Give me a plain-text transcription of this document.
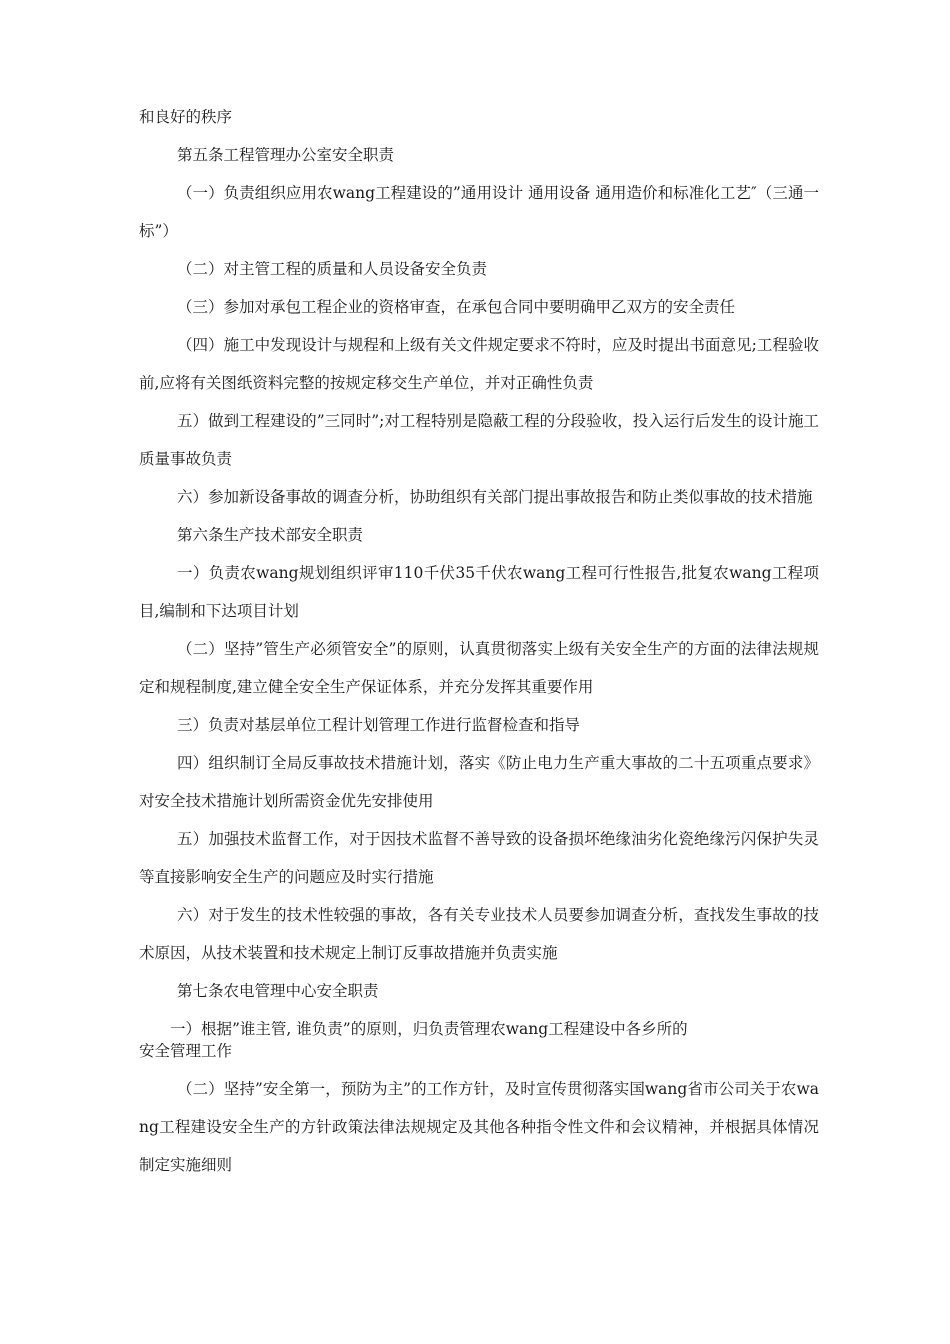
和良好的秩序

第五条工程管理办公室安全职责

（一）负责组织应用农wang工程建设的”通用设计 通用设备 通用造价和标准化工艺″（三通一标”）

（二）对主管工程的质量和人员设备安全负责

（三）参加对承包工程企业的资格审查，在承包合同中要明确甲乙双方的安全责任

（四）施工中发现设计与规程和上级有关文件规定要求不符时，应及时提出书面意见;工程验收前,应将有关图纸资料完整的按规定移交生产单位，并对正确性负责

五）做到工程建设的”三同时”;对工程特别是隐蔽工程的分段验收，投入运行后发生的设计施工质量事故负责

六）参加新设备事故的调查分析，协助组织有关部门提出事故报告和防止类似事故的技术措施

第六条生产技术部安全职责

一）负责农wang规划组织评审110千伏35千伏农wang工程可行性报告,批复农wang工程项目,编制和下达项目计划

（二）坚持”管生产必须管安全”的原则，认真贯彻落实上级有关安全生产的方面的法律法规规定和规程制度,建立健全安全生产保证体系，并充分发挥其重要作用

三）负责对基层单位工程计划管理工作进行监督检查和指导

四）组织制订全局反事故技术措施计划，落实《防止电力生产重大事故的二十五项重点要求》对安全技术措施计划所需资金优先安排使用

五）加强技术监督工作，对于因技术监督不善导致的设备损坏绝缘油劣化瓷绝缘污闪保护失灵等直接影响安全生产的问题应及时实行措施

六）对于发生的技术性较强的事故，各有关专业技术人员要参加调查分析，查找发生事故的技术原因，从技术装置和技术规定上制订反事故措施并负责实施

第七条农电管理中心安全职责

一）根据”谁主管, 谁负责”的原则，归负责管理农wang工程建设中各乡所的

安全管理工作

（二）坚持”安全第一，预防为主”的工作方针，及时宣传贯彻落实国wang省市公司关于农wang工程建设安全生产的方针政策法律法规规定及其他各种指令性文件和会议精神，并根据具体情况制定实施细则
